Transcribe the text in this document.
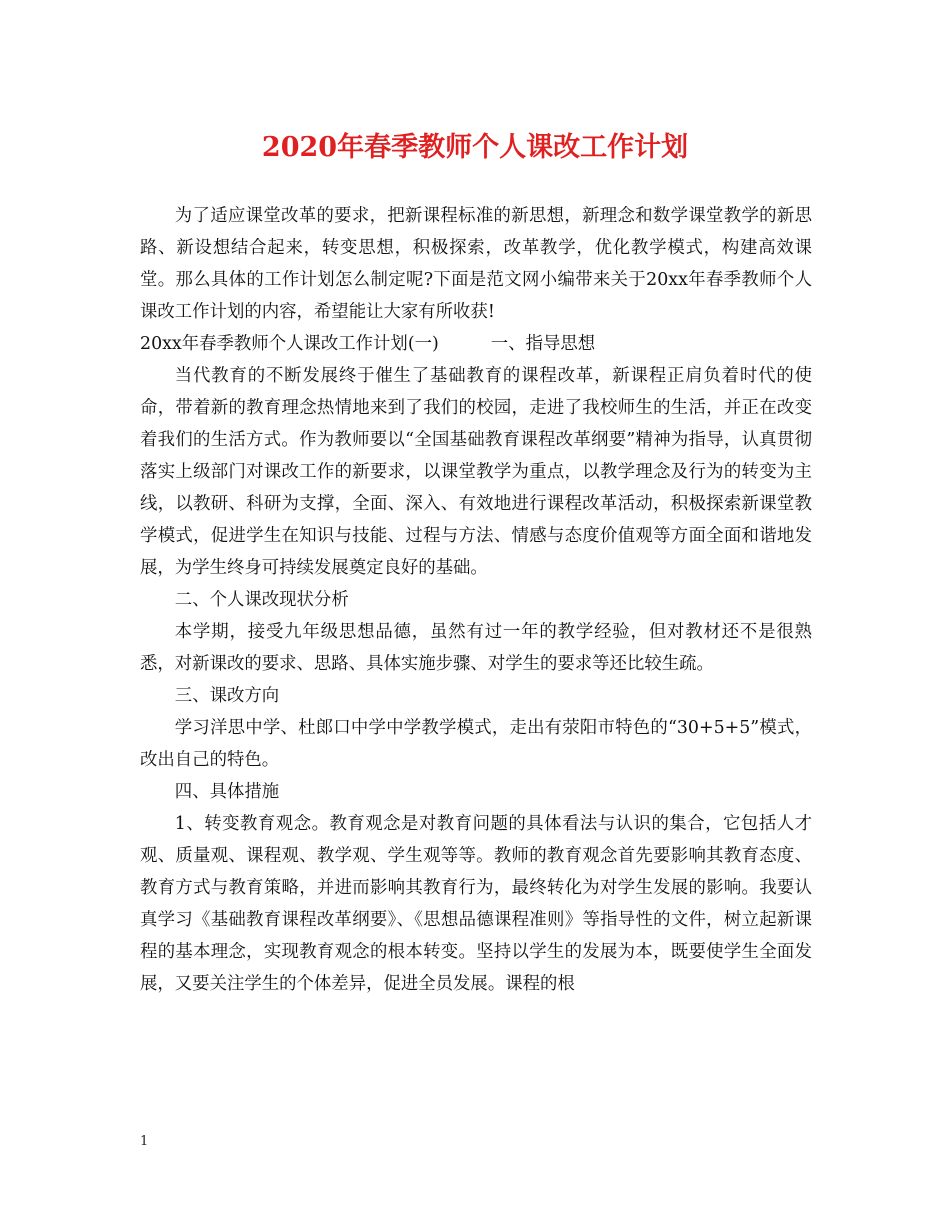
2020年春季教师个人课改工作计划

为了适应课堂改革的要求，把新课程标准的新思想，新理念和数学课堂教学的新思路、新设想结合起来，转变思想，积极探索，改革教学，优化教学模式，构建高效课堂。那么具体的工作计划怎么制定呢?下面是范文网小编带来关于20xx年春季教师个人课改工作计划的内容，希望能让大家有所收获!

20xx年春季教师个人课改工作计划(一)	一、指导思想

当代教育的不断发展终于催生了基础教育的课程改革，新课程正肩负着时代的使命，带着新的教育理念热情地来到了我们的校园，走进了我校师生的生活，并正在改变着我们的生活方式。作为教师要以“全国基础教育课程改革纲要”精神为指导，认真贯彻落实上级部门对课改工作的新要求，以课堂教学为重点，以教学理念及行为的转变为主线，以教研、科研为支撑，全面、深入、有效地进行课程改革活动，积极探索新课堂教学模式，促进学生在知识与技能、过程与方法、情感与态度价值观等方面全面和谐地发展，为学生终身可持续发展奠定良好的基础。

二、个人课改现状分析

本学期，接受九年级思想品德，虽然有过一年的教学经验，但对教材还不是很熟悉，对新课改的要求、思路、具体实施步骤、对学生的要求等还比较生疏。

三、课改方向

学习洋思中学、杜郎口中学中学教学模式，走出有荥阳市特色的“30+5+5”模式，改出自己的特色。

四、具体措施

1、转变教育观念。教育观念是对教育问题的具体看法与认识的集合，它包括人才观、质量观、课程观、教学观、学生观等等。教师的教育观念首先要影响其教育态度、教育方式与教育策略，并进而影响其教育行为，最终转化为对学生发展的影响。我要认真学习《基础教育课程改革纲要》、《思想品德课程准则》等指导性的文件，树立起新课程的基本理念，实现教育观念的根本转变。坚持以学生的发展为本，既要使学生全面发展，又要关注学生的个体差异，促进全员发展。课程的根

1
